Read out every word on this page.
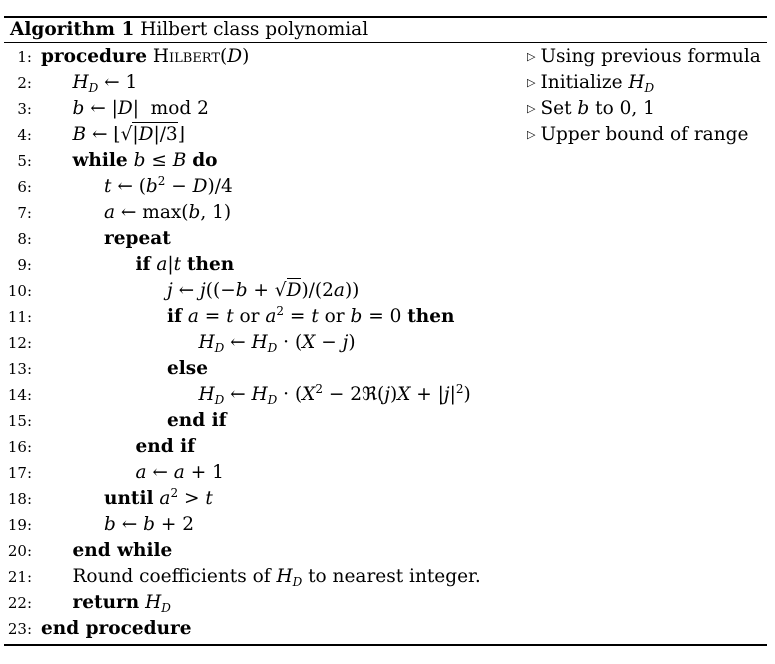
Algorithm 1 Hilbert class polynomial
1: procedure Hilbert(D)	▷ Using previous formula
2: $H_D$ ← 1	▷ Initialize $H_D$
3: b ← |D|  mod 2	▷ Set b to 0, 1
4: B ← ⌊√|D|/3⌋	▷ Upper bound of range
5: while b ≤ B do
6:	t ← $(b^2 - D)/4$
7:	a ← max(b, 1)
8:	repeat
9:	if a|t then
10:	j ← j((−b + √D)/(2a))
11:	if a = t or $a^2 = t$ or b = 0 then
12:	$H_D$ ← $H_D \cdot (X - j)$
13:	else
14:	$H_D$ ← $H_D \cdot (X^2$ − 2ℜ(j)X + $|j|^2$)
15:	end if
16:	end if
17:	a ← a + 1
18:	until $a^2 > t$
19:	b ← b + 2
20: end while
21: Round coefficients of $H_D$ to nearest integer.
22: return $H_D$
23: end procedure
